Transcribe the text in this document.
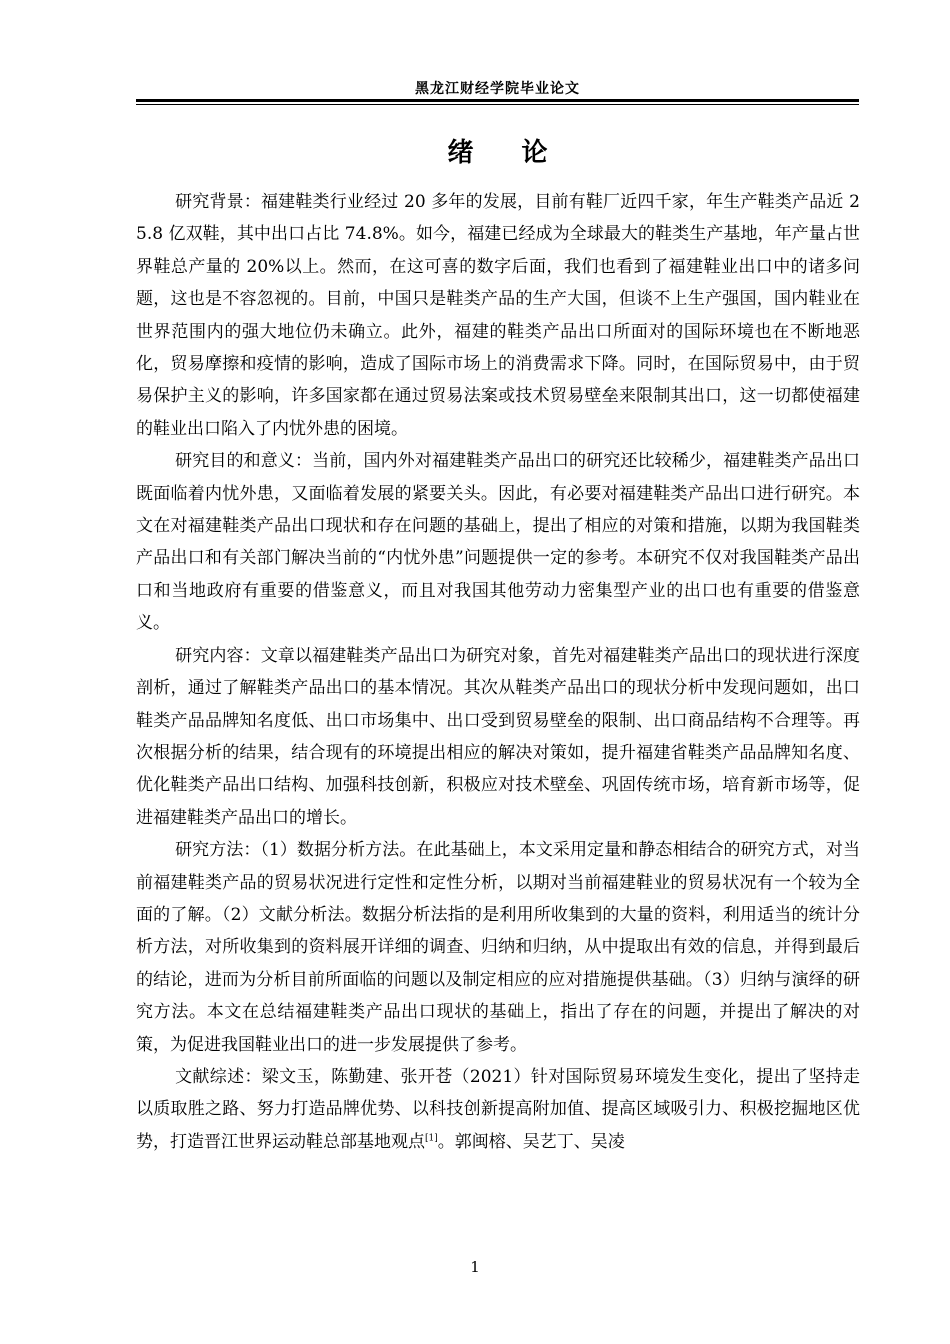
黑龙江财经学院毕业论文
绪论

研究背景：福建鞋类行业经过 20 多年的发展，目前有鞋厂近四千家，年生产鞋类产品近 25.8 亿双鞋，其中出口占比 74.8%。如今，福建已经成为全球最大的鞋类生产基地，年产量占世界鞋总产量的 20%以上。然而，在这可喜的数字后面，我们也看到了福建鞋业出口中的诸多问题，这也是不容忽视的。目前，中国只是鞋类产品的生产大国，但谈不上生产强国，国内鞋业在世界范围内的强大地位仍未确立。此外，福建的鞋类产品出口所面对的国际环境也在不断地恶化，贸易摩擦和疫情的影响，造成了国际市场上的消费需求下降。同时，在国际贸易中，由于贸易保护主义的影响，许多国家都在通过贸易法案或技术贸易壁垒来限制其出口，这一切都使福建的鞋业出口陷入了内忧外患的困境。

研究目的和意义：当前，国内外对福建鞋类产品出口的研究还比较稀少，福建鞋类产品出口既面临着内忧外患，又面临着发展的紧要关头。因此，有必要对福建鞋类产品出口进行研究。本文在对福建鞋类产品出口现状和存在问题的基础上，提出了相应的对策和措施，以期为我国鞋类产品出口和有关部门解决当前的“内忧外患”问题提供一定的参考。本研究不仅对我国鞋类产品出口和当地政府有重要的借鉴意义，而且对我国其他劳动力密集型产业的出口也有重要的借鉴意义。

研究内容：文章以福建鞋类产品出口为研究对象，首先对福建鞋类产品出口的现状进行深度剖析，通过了解鞋类产品出口的基本情况。其次从鞋类产品出口的现状分析中发现问题如，出口鞋类产品品牌知名度低、出口市场集中、出口受到贸易壁垒的限制、出口商品结构不合理等。再次根据分析的结果，结合现有的环境提出相应的解决对策如，提升福建省鞋类产品品牌知名度、优化鞋类产品出口结构、加强科技创新，积极应对技术壁垒、巩固传统市场，培育新市场等，促进福建鞋类产品出口的增长。

研究方法：（1）数据分析方法。在此基础上，本文采用定量和静态相结合的研究方式，对当前福建鞋类产品的贸易状况进行定性和定性分析，以期对当前福建鞋业的贸易状况有一个较为全面的了解。（2）文献分析法。数据分析法指的是利用所收集到的大量的资料，利用适当的统计分析方法，对所收集到的资料展开详细的调查、归纳和归纳，从中提取出有效的信息，并得到最后的结论，进而为分析目前所面临的问题以及制定相应的应对措施提供基础。（3）归纳与演绎的研究方法。本文在总结福建鞋类产品出口现状的基础上，指出了存在的问题，并提出了解决的对策，为促进我国鞋业出口的进一步发展提供了参考。

文献综述：梁文玉，陈勤建、张开苍（2021）针对国际贸易环境发生变化，提出了坚持走以质取胜之路、努力打造品牌优势、以科技创新提高附加值、提高区域吸引力、积极挖掘地区优势，打造晋江世界运动鞋总部基地观点[1]。郭闽榕、吴艺丁、吴凌

1
